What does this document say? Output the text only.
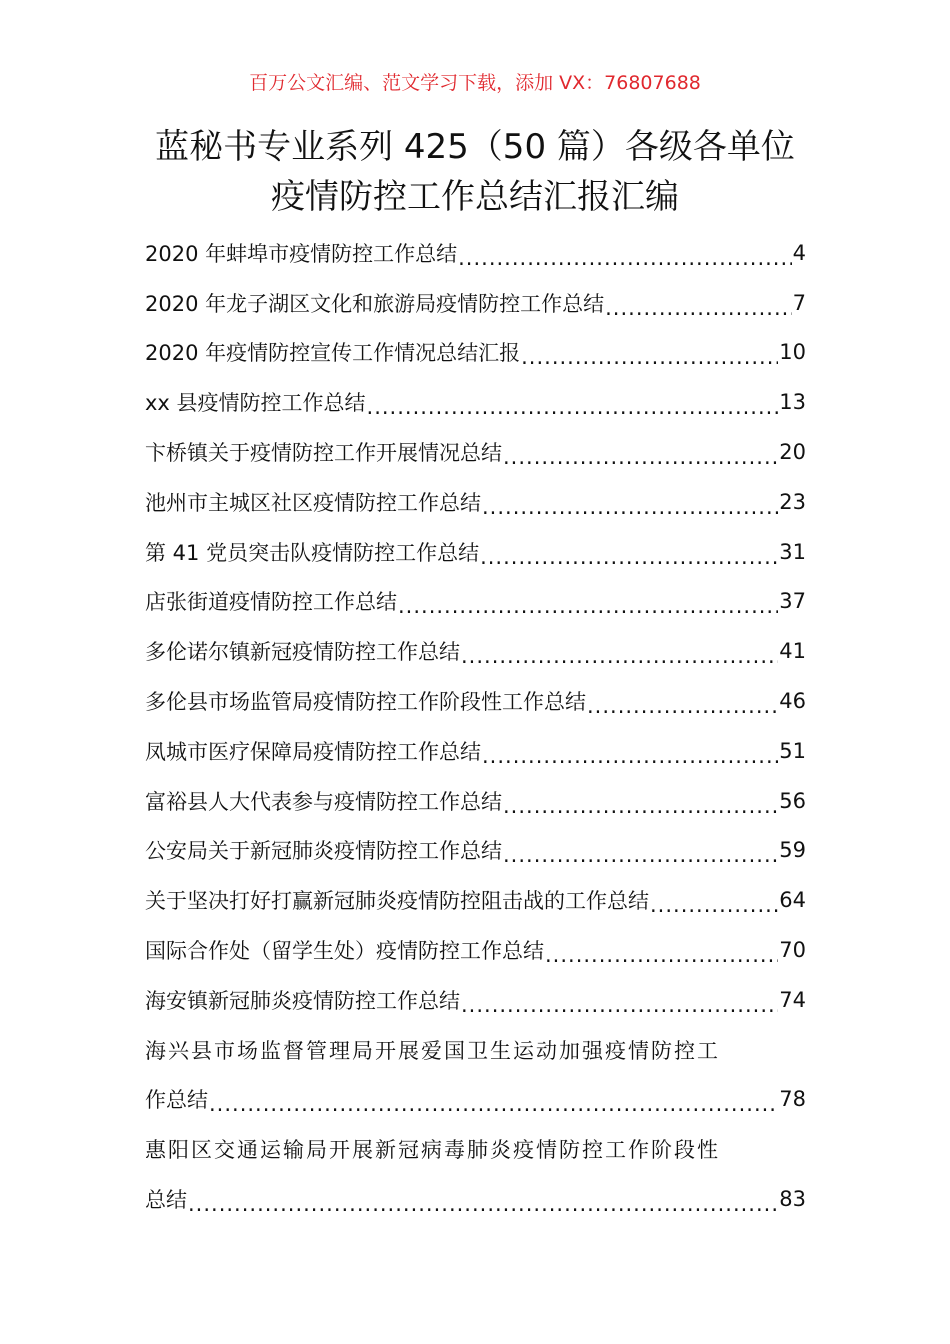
百万公文汇编、范文学习下载，添加 VX：76807688
蓝秘书专业系列 425（50 篇）各级各单位
疫情防控工作总结汇报汇编
2020 年蚌埠市疫情防控工作总结 .....	4
2020 年龙子湖区文化和旅游局疫情防控工作总结 .....	7
2020 年疫情防控宣传工作情况总结汇报 .....	10
xx 县疫情防控工作总结 .....	13
卞桥镇关于疫情防控工作开展情况总结 .....	20
池州市主城区社区疫情防控工作总结 .....	23
第 41 党员突击队疫情防控工作总结 .....	31
店张街道疫情防控工作总结 .....	37
多伦诺尔镇新冠疫情防控工作总结 .....	41
多伦县市场监管局疫情防控工作阶段性工作总结 .....	46
凤城市医疗保障局疫情防控工作总结 .....	51
富裕县人大代表参与疫情防控工作总结 .....	56
公安局关于新冠肺炎疫情防控工作总结 .....	59
关于坚决打好打赢新冠肺炎疫情防控阻击战的工作总结 .....	64
国际合作处（留学生处）疫情防控工作总结 .....	70
海安镇新冠肺炎疫情防控工作总结 .....	74
海兴县市场监督管理局开展爱国卫生运动加强疫情防控工
作总结 .....	78
惠阳区交通运输局开展新冠病毒肺炎疫情防控工作阶段性
总结 .....	83
